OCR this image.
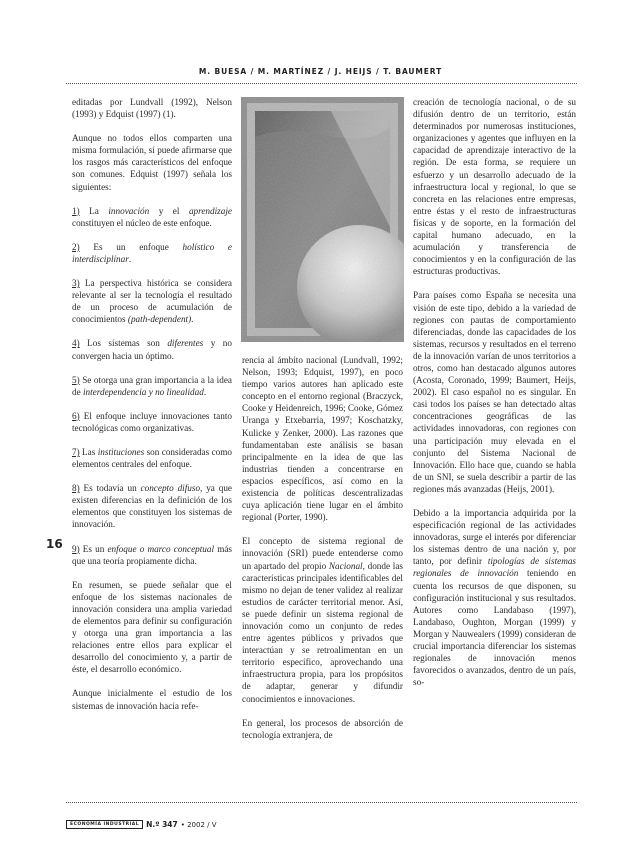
M. BUESA / M. MARTÍNEZ / J. HEIJS / T. BAUMERT
16

editadas por Lundvall (1992), Nelson (1993) y Edquist (1997) (1).

Aunque no todos ellos comparten una misma formulación, sí puede afirmarse que los rasgos más característicos del enfoque son comunes. Edquist (1997) señala los siguientes:

1) La innovación y el aprendizaje constituyen el núcleo de este enfoque.

2) Es un enfoque holístico e interdisciplinar.

3) La perspectiva histórica se considera relevante al ser la tecnología el resultado de un proceso de acumulación de conocimientos (path-dependent).

4) Los sistemas son diferentes y no convergen hacia un óptimo.

5) Se otorga una gran importancia a la idea de interdependencia y no linealidad.

6) El enfoque incluye innovaciones tanto tecnológicas como organizativas.

7) Las instituciones son consideradas como elementos centrales del enfoque.

8) Es todavía un concepto difuso, ya que existen diferencias en la definición de los elementos que constituyen los sistemas de innovación.

9) Es un enfoque o marco conceptual más que una teoría propiamente dicha.

En resumen, se puede señalar que el enfoque de los sistemas nacionales de innovación considera una amplia variedad de elementos para definir su configuración y otorga una gran importancia a las relaciones entre ellos para explicar el desarrollo del conocimiento y, a partir de éste, el desarrollo económico.

Aunque inicialmente el estudio de los sistemas de innovación hacía refe-

rencia al ámbito nacional (Lundvall, 1992; Nelson, 1993; Edquist, 1997), en poco tiempo varios autores han aplicado este concepto en el entorno regional (Braczyck, Cooke y Heidenreich, 1996; Cooke, Gómez Uranga y Etxebarria, 1997; Koschatzky, Kulicke y Zenker, 2000). Las razones que fundamentaban este análisis se basan principalmente en la idea de que las industrias tienden a concentrarse en espacios específicos, así como en la existencia de políticas descentralizadas cuya aplicación tiene lugar en el ámbito regional (Porter, 1990).

El concepto de sistema regional de innovación (SRI) puede entenderse como un apartado del propio Nacional, donde las características principales identificables del mismo no dejan de tener validez al realizar estudios de carácter territorial menor. Así, se puede definir un sistema regional de innovación como un conjunto de redes entre agentes públicos y privados que interactúan y se retroalimentan en un territorio específico, aprovechando una infraestructura propia, para los propósitos de adaptar, generar y difundir conocimientos e innovaciones.

En general, los procesos de absorción de tecnología extranjera, de

creación de tecnología nacional, o de su difusión dentro de un territorio, están determinados por numerosas instituciones, organizaciones y agentes que influyen en la capacidad de aprendizaje interactivo de la región. De esta forma, se requiere un esfuerzo y un desarrollo adecuado de la infraestructura local y regional, lo que se concreta en las relaciones entre empresas, entre éstas y el resto de infraestructuras físicas y de soporte, en la formación del capital humano adecuado, en la acumulación y transferencia de conocimientos y en la configuración de las estructuras productivas.

Para países como España se necesita una visión de este tipo, debido a la variedad de regiones con pautas de comportamiento diferenciadas, donde las capacidades de los sistemas, recursos y resultados en el terreno de la innovación varían de unos territorios a otros, como han destacado algunos autores (Acosta, Coronado, 1999; Baumert, Heijs, 2002). El caso español no es singular. En casi todos los países se han detectado altas concentraciones geográficas de las actividades innovadoras, con regiones con una participación muy elevada en el conjunto del Sistema Nacional de Innovación. Ello hace que, cuando se habla de un SNI, se suela describir a partir de las regiones más avanzadas (Heijs, 2001).

Debido a la importancia adquirida por la especificación regional de las actividades innovadoras, surge el interés por diferenciar los sistemas dentro de una nación y, por tanto, por definir tipologías de sistemas regionales de innovación teniendo en cuenta los recursos de que disponen, su configuración institucional y sus resultados. Autores como Landabaso (1997), Landabaso, Oughton, Morgan (1999) y Morgan y Nauwealers (1999) consideran de crucial importancia diferenciar los sistemas regionales de innovación menos favorecidos o avanzados, dentro de un país, so-

ECONOMÍA INDUSTRIAL N.º 347 • 2002 / V
